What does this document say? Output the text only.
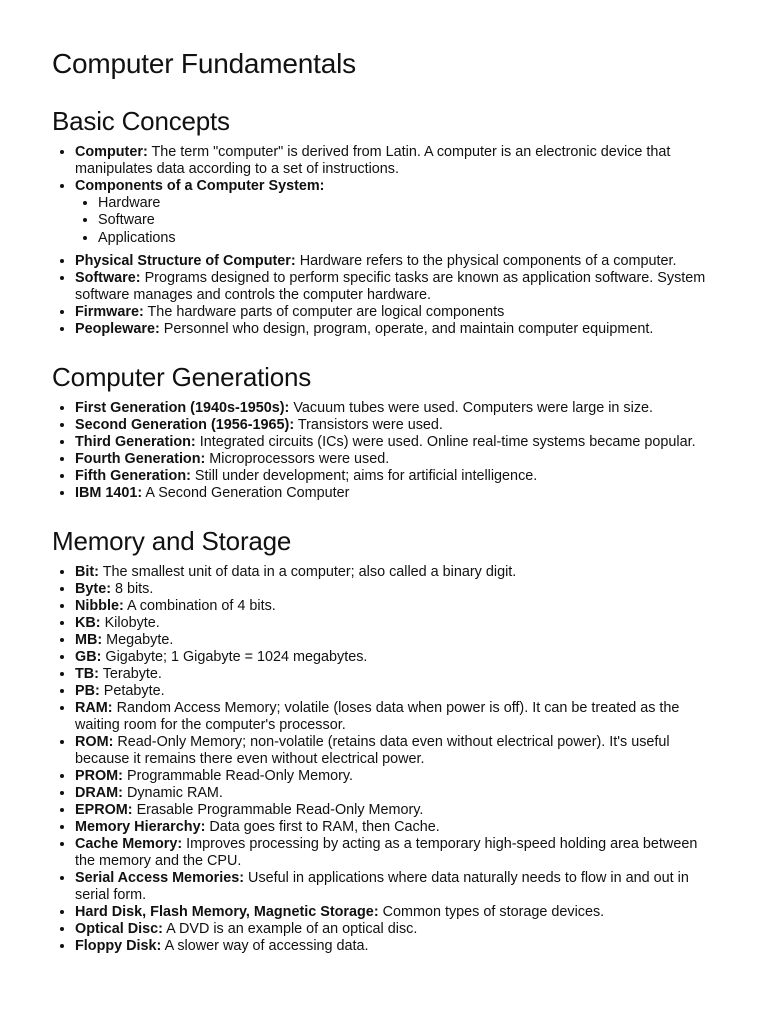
Computer Fundamentals
Basic Concepts
• Computer: The term "computer" is derived from Latin. A computer is an electronic device that manipulates data according to a set of instructions.
• Components of a Computer System:
• Hardware
• Software
• Applications
• Physical Structure of Computer: Hardware refers to the physical components of a computer.
• Software: Programs designed to perform specific tasks are known as application software. System software manages and controls the computer hardware.
• Firmware: The hardware parts of computer are logical components
• Peopleware: Personnel who design, program, operate, and maintain computer equipment.
Computer Generations
• First Generation (1940s-1950s): Vacuum tubes were used. Computers were large in size.
• Second Generation (1956-1965): Transistors were used.
• Third Generation: Integrated circuits (ICs) were used. Online real-time systems became popular.
• Fourth Generation: Microprocessors were used.
• Fifth Generation: Still under development; aims for artificial intelligence.
• IBM 1401: A Second Generation Computer
Memory and Storage
• Bit: The smallest unit of data in a computer; also called a binary digit.
• Byte: 8 bits.
• Nibble: A combination of 4 bits.
• KB: Kilobyte.
• MB: Megabyte.
• GB: Gigabyte; 1 Gigabyte = 1024 megabytes.
• TB: Terabyte.
• PB: Petabyte.
• RAM: Random Access Memory; volatile (loses data when power is off). It can be treated as the waiting room for the computer's processor.
• ROM: Read-Only Memory; non-volatile (retains data even without electrical power). It's useful because it remains there even without electrical power.
• PROM: Programmable Read-Only Memory.
• DRAM: Dynamic RAM.
• EPROM: Erasable Programmable Read-Only Memory.
• Memory Hierarchy: Data goes first to RAM, then Cache.
• Cache Memory: Improves processing by acting as a temporary high-speed holding area between the memory and the CPU.
• Serial Access Memories: Useful in applications where data naturally needs to flow in and out in serial form.
• Hard Disk, Flash Memory, Magnetic Storage: Common types of storage devices.
• Optical Disc: A DVD is an example of an optical disc.
• Floppy Disk: A slower way of accessing data.
